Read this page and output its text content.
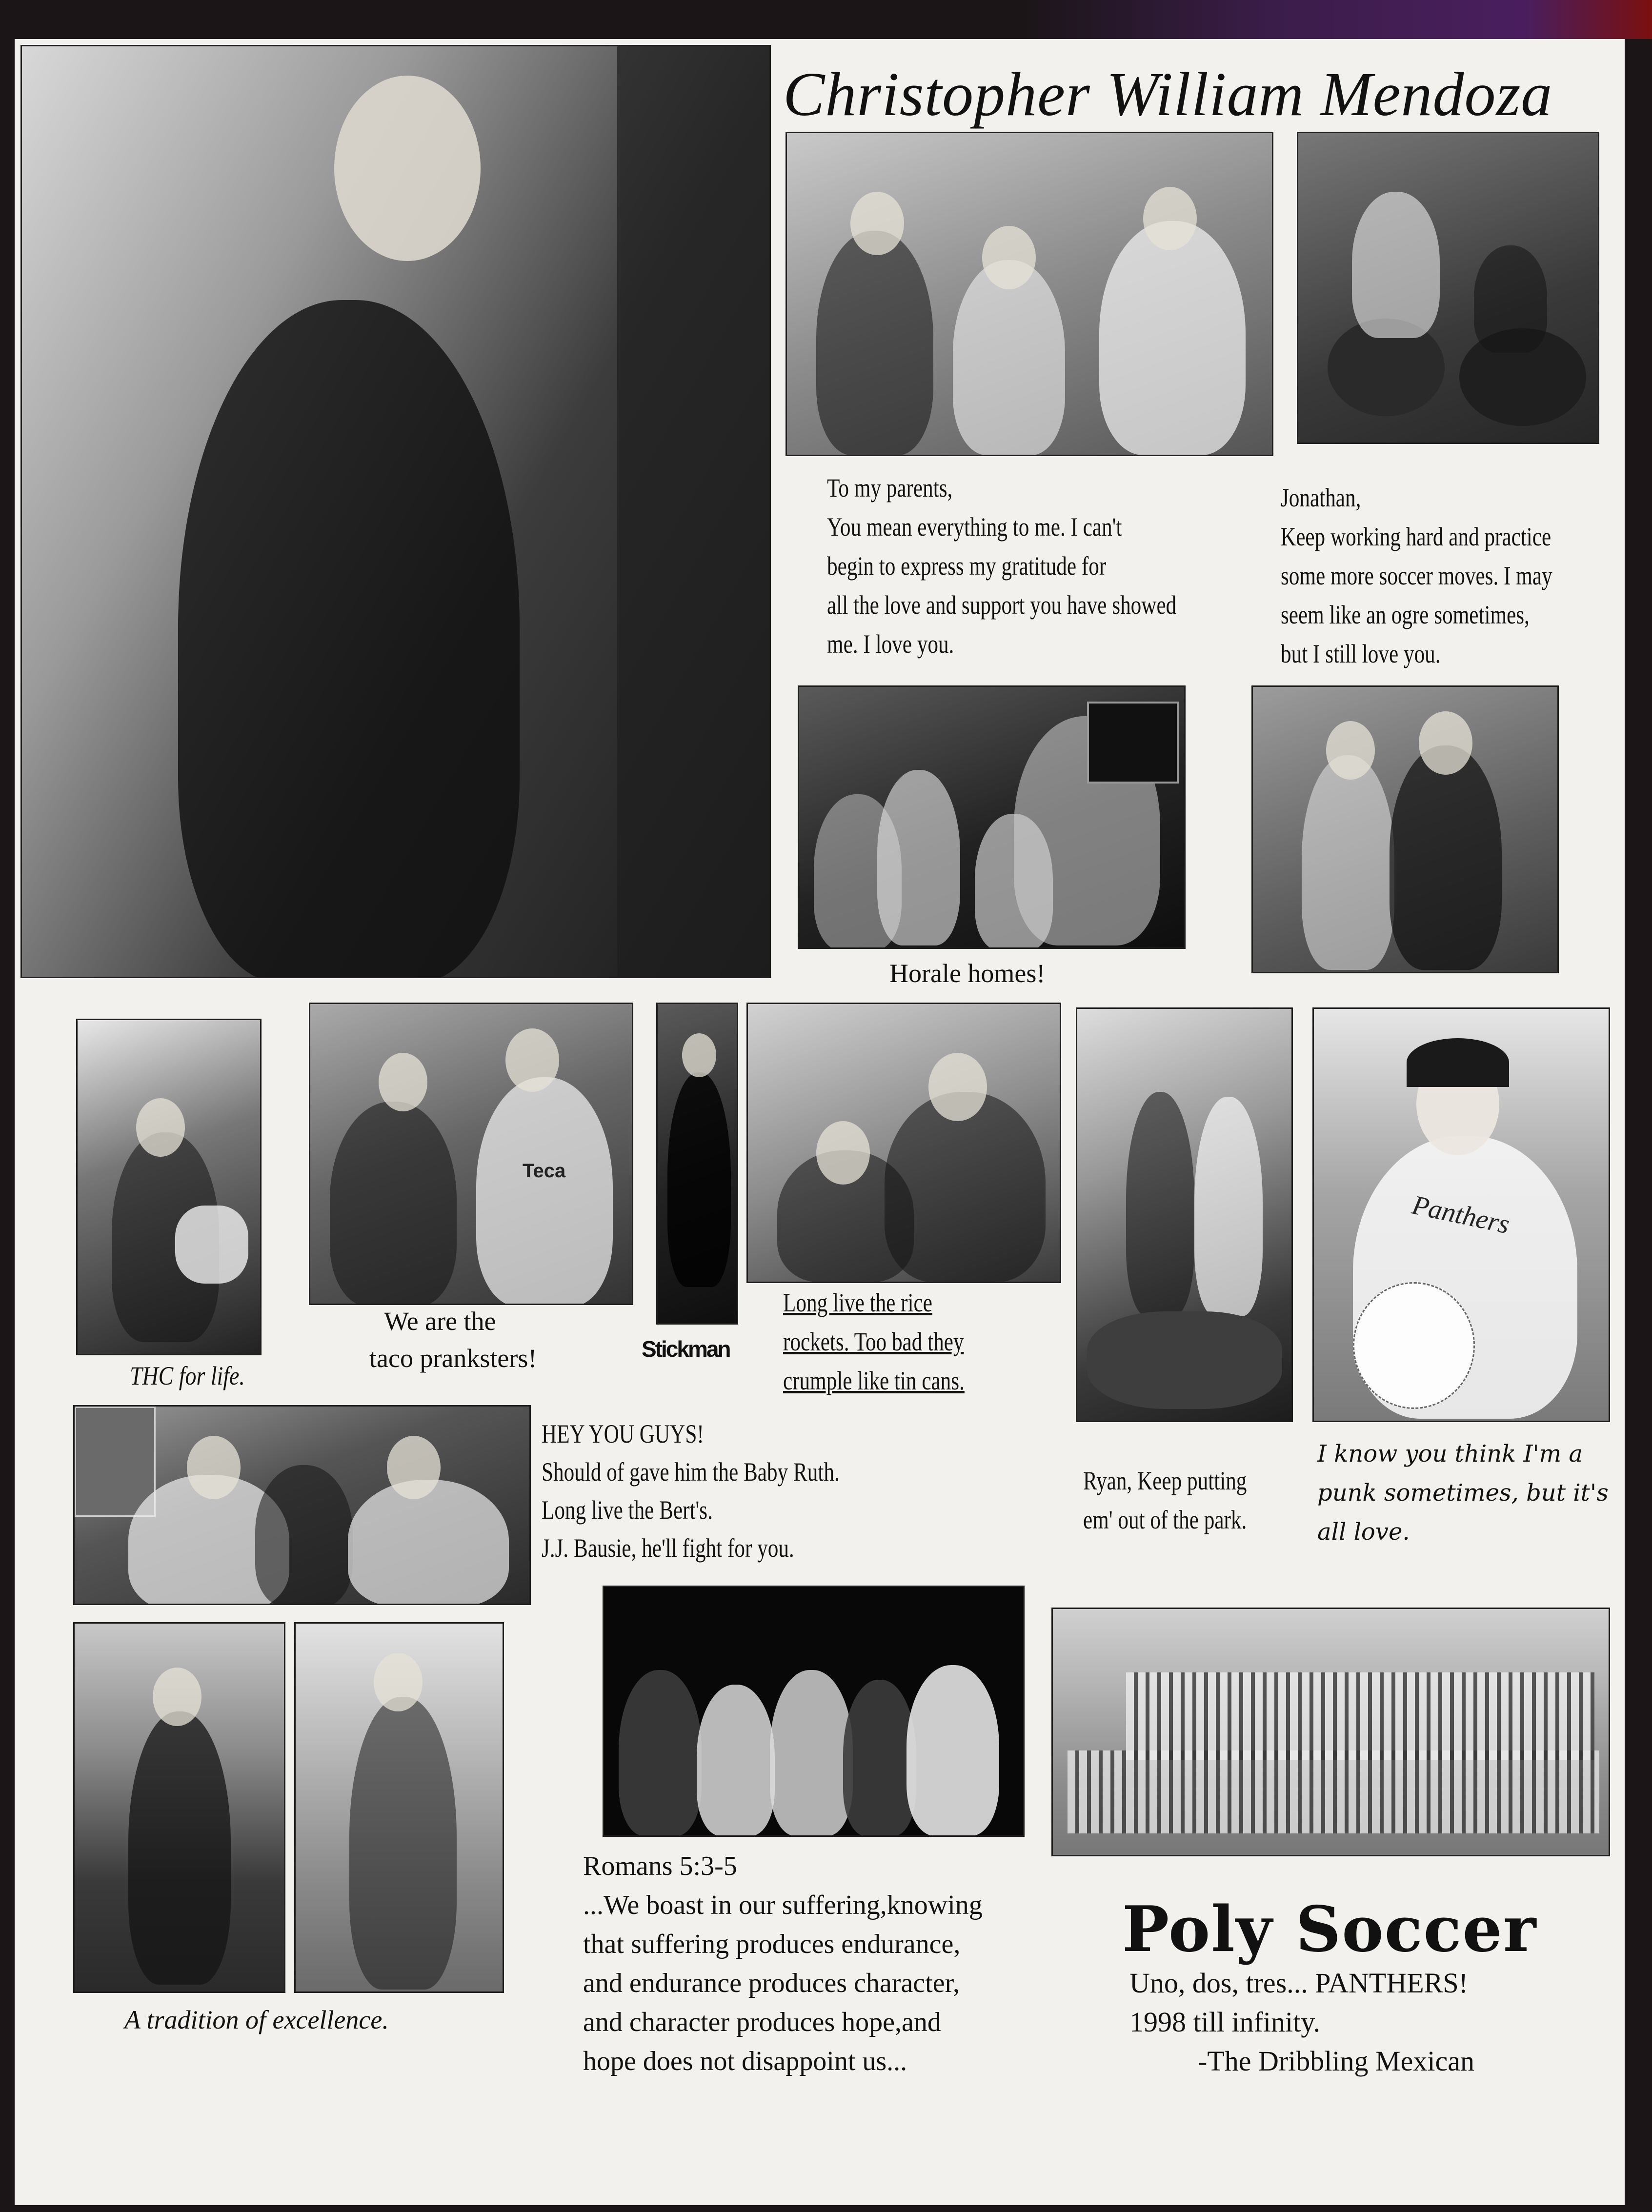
Christopher William Mendoza
To my parents,
You mean everything to me. I can't
begin to express my gratitude for
all the love and support you have showed
me. I love you.
Jonathan,
Keep working hard and practice
some more soccer moves. I may
seem like an ogre sometimes,
but I still love you.
Horale homes!
Teca
Panthers
THC for life.
We are the
taco pranksters!	Stickman
Long live the rice
rockets. Too bad they
crumple like tin cans.
Ryan, Keep putting
em' out of the park.
I know you think I'm a
punk sometimes, but it's
all love.
HEY YOU GUYS!
Should of gave him the Baby Ruth.
Long live the Bert's.
J.J. Bausie, he'll fight for you.
A tradition of excellence.
Romans 5:3-5
...We boast in our suffering,knowing
that suffering produces endurance,
and endurance produces character,
and character produces hope,and
hope does not disappoint us...
Poly Soccer
Uno, dos, tres... PANTHERS!
1998 till infinity.
-The Dribbling Mexican
